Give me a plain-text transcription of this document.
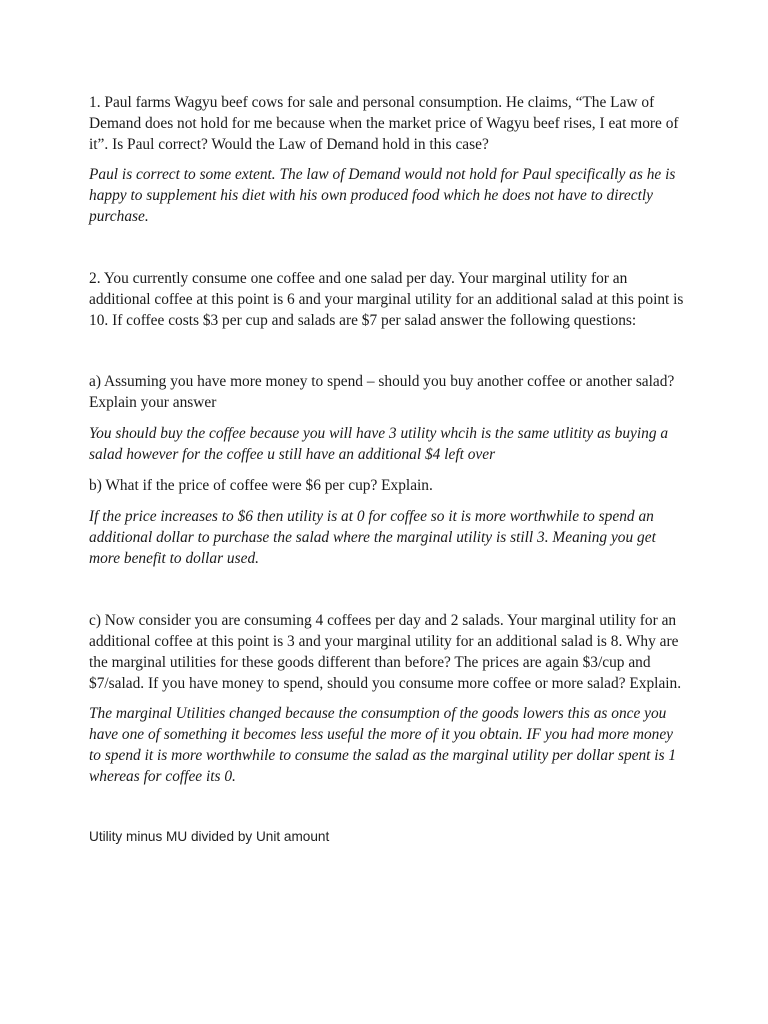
1. Paul farms Wagyu beef cows for sale and personal consumption. He claims, “The Law of
Demand does not hold for me because when the market price of Wagyu beef rises, I eat more of
it”. Is Paul correct? Would the Law of Demand hold in this case?
Paul is correct to some extent. The law of Demand would not hold for Paul specifically as he is
happy to supplement his diet with his own produced food which he does not have to directly
purchase.
2. You currently consume one coffee and one salad per day. Your marginal utility for an
additional coffee at this point is 6 and your marginal utility for an additional salad at this point is
10. If coffee costs $3 per cup and salads are $7 per salad answer the following questions:
a) Assuming you have more money to spend – should you buy another coffee or another salad?
Explain your answer
You should buy the coffee because you will have 3 utility whcih is the same utlitity as buying a
salad however for the coffee u still have an additional $4 left over
b) What if the price of coffee were $6 per cup? Explain.
If the price increases to $6 then utility is at 0 for coffee so it is more worthwhile to spend an
additional dollar to purchase the salad where the marginal utility is still 3. Meaning you get
more benefit to dollar used.
c) Now consider you are consuming 4 coffees per day and 2 salads. Your marginal utility for an
additional coffee at this point is 3 and your marginal utility for an additional salad is 8. Why are
the marginal utilities for these goods different than before? The prices are again $3/cup and
$7/salad. If you have money to spend, should you consume more coffee or more salad? Explain.
The marginal Utilities changed because the consumption of the goods lowers this as once you
have one of something it becomes less useful the more of it you obtain. IF you had more money
to spend it is more worthwhile to consume the salad as the marginal utility per dollar spent is 1
whereas for coffee its 0.
Utility minus MU divided by Unit amount
